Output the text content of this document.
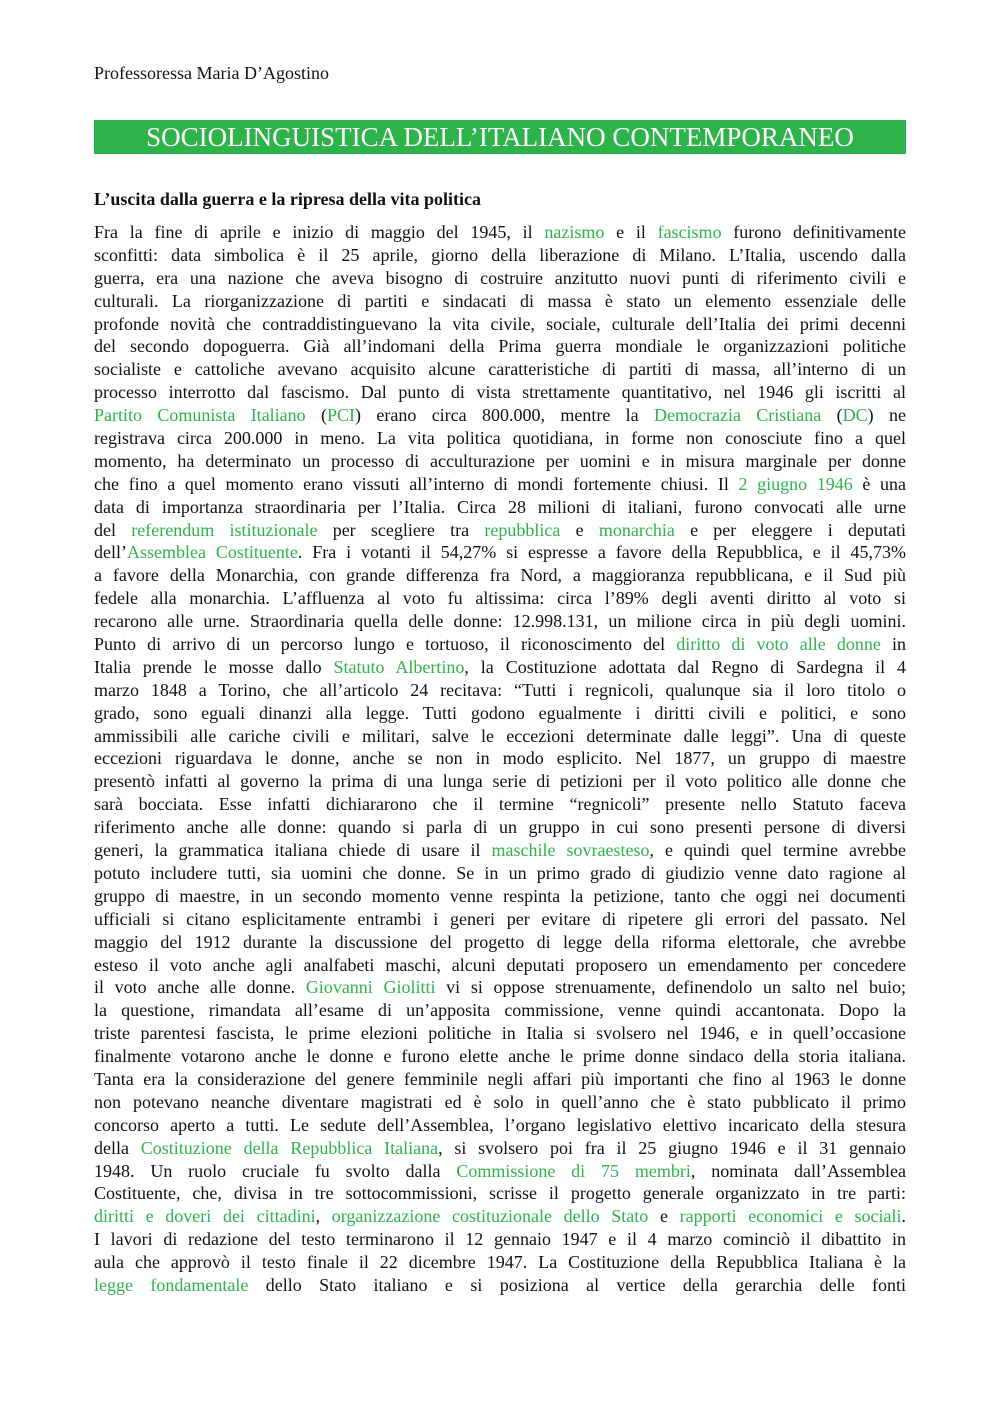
Professoressa Maria D’Agostino

SOCIOLINGUISTICA DELL’ITALIANO CONTEMPORANEO
L’uscita dalla guerra e la ripresa della vita politica
Fra la fine di aprile e inizio di maggio del 1945, il nazismo e il fascismo furono definitivamente
sconfitti: data simbolica è il 25 aprile, giorno della liberazione di Milano. L’Italia, uscendo dalla
guerra, era una nazione che aveva bisogno di costruire anzitutto nuovi punti di riferimento civili e
culturali. La riorganizzazione di partiti e sindacati di massa è stato un elemento essenziale delle
profonde novità che contraddistinguevano la vita civile, sociale, culturale dell’Italia dei primi decenni
del secondo dopoguerra. Già all’indomani della Prima guerra mondiale le organizzazioni politiche
socialiste e cattoliche avevano acquisito alcune caratteristiche di partiti di massa, all’interno di un
processo interrotto dal fascismo. Dal punto di vista strettamente quantitativo, nel 1946 gli iscritti al
Partito Comunista Italiano (PCI) erano circa 800.000, mentre la Democrazia Cristiana (DC) ne
registrava circa 200.000 in meno. La vita politica quotidiana, in forme non conosciute fino a quel
momento, ha determinato un processo di acculturazione per uomini e in misura marginale per donne
che fino a quel momento erano vissuti all’interno di mondi fortemente chiusi. Il 2 giugno 1946 è una
data di importanza straordinaria per l’Italia. Circa 28 milioni di italiani, furono convocati alle urne
del referendum istituzionale per scegliere tra repubblica e monarchia e per eleggere i deputati
dell’Assemblea Costituente. Fra i votanti il 54,27% si espresse a favore della Repubblica, e il 45,73%
a favore della Monarchia, con grande differenza fra Nord, a maggioranza repubblicana, e il Sud più
fedele alla monarchia. L’affluenza al voto fu altissima: circa l’89% degli aventi diritto al voto si
recarono alle urne. Straordinaria quella delle donne: 12.998.131, un milione circa in più degli uomini.
Punto di arrivo di un percorso lungo e tortuoso, il riconoscimento del diritto di voto alle donne in
Italia prende le mosse dallo Statuto Albertino, la Costituzione adottata dal Regno di Sardegna il 4
marzo 1848 a Torino, che all’articolo 24 recitava: “Tutti i regnicoli, qualunque sia il loro titolo o
grado, sono eguali dinanzi alla legge. Tutti godono egualmente i diritti civili e politici, e sono
ammissibili alle cariche civili e militari, salve le eccezioni determinate dalle leggi”. Una di queste
eccezioni riguardava le donne, anche se non in modo esplicito. Nel 1877, un gruppo di maestre
presentò infatti al governo la prima di una lunga serie di petizioni per il voto politico alle donne che
sarà bocciata. Esse infatti dichiararono che il termine “regnicoli” presente nello Statuto faceva
riferimento anche alle donne: quando si parla di un gruppo in cui sono presenti persone di diversi
generi, la grammatica italiana chiede di usare il maschile sovraesteso, e quindi quel termine avrebbe
potuto includere tutti, sia uomini che donne. Se in un primo grado di giudizio venne dato ragione al
gruppo di maestre, in un secondo momento venne respinta la petizione, tanto che oggi nei documenti
ufficiali si citano esplicitamente entrambi i generi per evitare di ripetere gli errori del passato. Nel
maggio del 1912 durante la discussione del progetto di legge della riforma elettorale, che avrebbe
esteso il voto anche agli analfabeti maschi, alcuni deputati proposero un emendamento per concedere
il voto anche alle donne. Giovanni Giolitti vi si oppose strenuamente, definendolo un salto nel buio;
la questione, rimandata all’esame di un’apposita commissione, venne quindi accantonata. Dopo la
triste parentesi fascista, le prime elezioni politiche in Italia si svolsero nel 1946, e in quell’occasione
finalmente votarono anche le donne e furono elette anche le prime donne sindaco della storia italiana.
Tanta era la considerazione del genere femminile negli affari più importanti che fino al 1963 le donne
non potevano neanche diventare magistrati ed è solo in quell’anno che è stato pubblicato il primo
concorso aperto a tutti. Le sedute dell’Assemblea, l’organo legislativo elettivo incaricato della stesura
della Costituzione della Repubblica Italiana, si svolsero poi fra il 25 giugno 1946 e il 31 gennaio
1948. Un ruolo cruciale fu svolto dalla Commissione di 75 membri, nominata dall’Assemblea
Costituente, che, divisa in tre sottocommissioni, scrisse il progetto generale organizzato in tre parti:
diritti e doveri dei cittadini, organizzazione costituzionale dello Stato e rapporti economici e sociali.
I lavori di redazione del testo terminarono il 12 gennaio 1947 e il 4 marzo cominciò il dibattito in
aula che approvò il testo finale il 22 dicembre 1947. La Costituzione della Repubblica Italiana è la
legge fondamentale dello Stato italiano e si posiziona al vertice della gerarchia delle fonti
